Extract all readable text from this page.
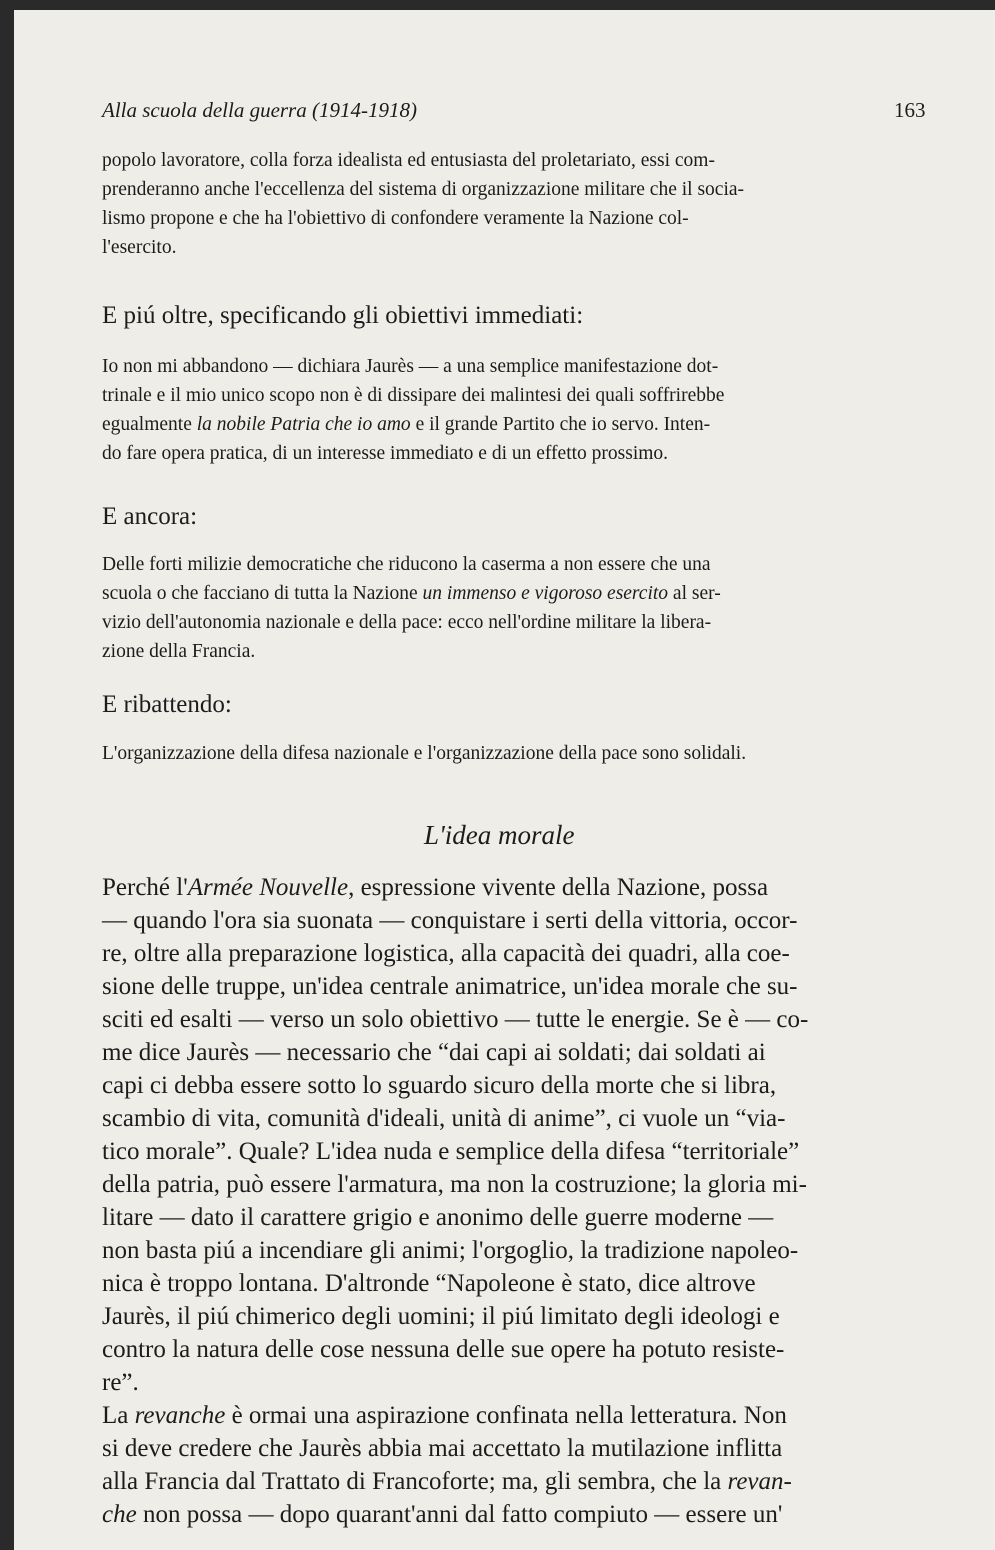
Alla scuola della guerra (1914-1918)	163
popolo lavoratore, colla forza idealista ed entusiasta del proletariato, essi com-
prenderanno anche l'eccellenza del sistema di organizzazione militare che il socia-
lismo propone e che ha l'obiettivo di confondere veramente la Nazione col-
l'esercito.
E piú oltre, specificando gli obiettivi immediati:
Io non mi abbandono — dichiara Jaurès — a una semplice manifestazione dot-
trinale e il mio unico scopo non è di dissipare dei malintesi dei quali soffrirebbe
egualmente la nobile Patria che io amo e il grande Partito che io servo. Inten-
do fare opera pratica, di un interesse immediato e di un effetto prossimo.
E ancora:
Delle forti milizie democratiche che riducono la caserma a non essere che una
scuola o che facciano di tutta la Nazione un immenso e vigoroso esercito al ser-
vizio dell'autonomia nazionale e della pace: ecco nell'ordine militare la libera-
zione della Francia.
E ribattendo:
L'organizzazione della difesa nazionale e l'organizzazione della pace sono solidali.
L'idea morale
Perché l'Armée Nouvelle, espressione vivente della Nazione, possa
— quando l'ora sia suonata — conquistare i serti della vittoria, occor-
re, oltre alla preparazione logistica, alla capacità dei quadri, alla coe-
sione delle truppe, un'idea centrale animatrice, un'idea morale che su-
sciti ed esalti — verso un solo obiettivo — tutte le energie. Se è — co-
me dice Jaurès — necessario che “dai capi ai soldati; dai soldati ai
capi ci debba essere sotto lo sguardo sicuro della morte che si libra,
scambio di vita, comunità d'ideali, unità di anime”, ci vuole un “via-
tico morale”. Quale? L'idea nuda e semplice della difesa “territoriale”
della patria, può essere l'armatura, ma non la costruzione; la gloria mi-
litare — dato il carattere grigio e anonimo delle guerre moderne —
non basta piú a incendiare gli animi; l'orgoglio, la tradizione napoleo-
nica è troppo lontana. D'altronde “Napoleone è stato, dice altrove
Jaurès, il piú chimerico degli uomini; il piú limitato degli ideologi e
contro la natura delle cose nessuna delle sue opere ha potuto resiste-
re”.
La revanche è ormai una aspirazione confinata nella letteratura. Non
si deve credere che Jaurès abbia mai accettato la mutilazione inflitta
alla Francia dal Trattato di Francoforte; ma, gli sembra, che la revan-
che non possa — dopo quarant'anni dal fatto compiuto — essere un'
